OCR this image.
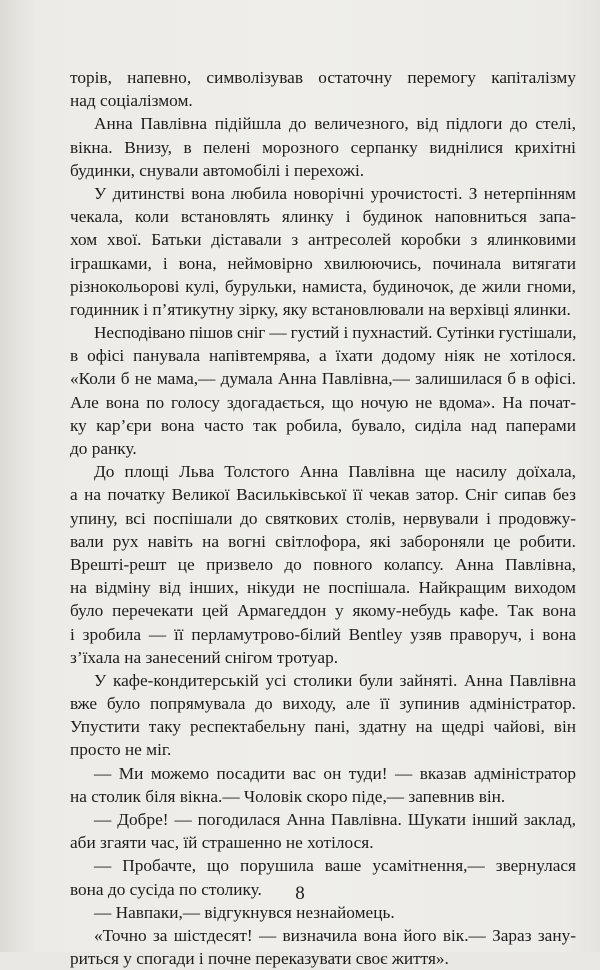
торів, напевно, символізував остаточну перемогу капіталізму
над соціалізмом.
Анна Павлівна підійшла до величезного, від підлоги до стелі,
вікна. Внизу, в пелені морозного серпанку виднілися крихітні
будинки, снували автомобілі і перехожі.
У дитинстві вона любила новорічні урочистості. З нетерпінням
чекала, коли встановлять ялинку і будинок наповниться запа-
хом хвої. Батьки діставали з антресолей коробки з ялинковими
іграшками, і вона, неймовірно хвилюючись, починала витягати
різнокольорові кулі, бурульки, намиста, будиночок, де жили гноми,
годинник і п’ятикутну зірку, яку встановлювали на верхівці ялинки.
Несподівано пішов сніг — густий і пухнастий. Сутінки густішали,
в офісі панувала напівтемрява, а їхати додому ніяк не хотілося.
«Коли б не мама,— думала Анна Павлівна,— залишилася б в офісі.
Але вона по голосу здогадається, що ночую не вдома». На почат-
ку кар’єри вона часто так робила, бувало, сиділа над паперами
до ранку.
До площі Льва Толстого Анна Павлівна ще насилу доїхала,
а на початку Великої Васильківської її чекав затор. Сніг сипав без
упину, всі поспішали до святкових столів, нервували і продовжу-
вали рух навіть на вогні світлофора, які забороняли це робити.
Врешті-решт це призвело до повного колапсу. Анна Павлівна,
на відміну від інших, нікуди не поспішала. Найкращим виходом
було перечекати цей Армагеддон у якому-небудь кафе. Так вона
і зробила — її перламутрово-білий Bentley узяв праворуч, і вона
з’їхала на занесений снігом тротуар.
У кафе-кондитерській усі столики були зайняті. Анна Павлівна
вже було попрямувала до виходу, але її зупинив адміністратор.
Упустити таку респектабельну пані, здатну на щедрі чайові, він
просто не міг.
— Ми можемо посадити вас он туди! — вказав адміністратор
на столик біля вікна.— Чоловік скоро піде,— запевнив він.
— Добре! — погодилася Анна Павлівна. Шукати інший заклад,
аби згаяти час, їй страшенно не хотілося.
— Пробачте, що порушила ваше усамітнення,— звернулася
вона до сусіда по столику.
— Навпаки,— відгукнувся незнайомець.
«Точно за шістдесят! — визначила вона його вік.— Зараз зану-
риться у спогади і почне переказувати своє життя».
8
